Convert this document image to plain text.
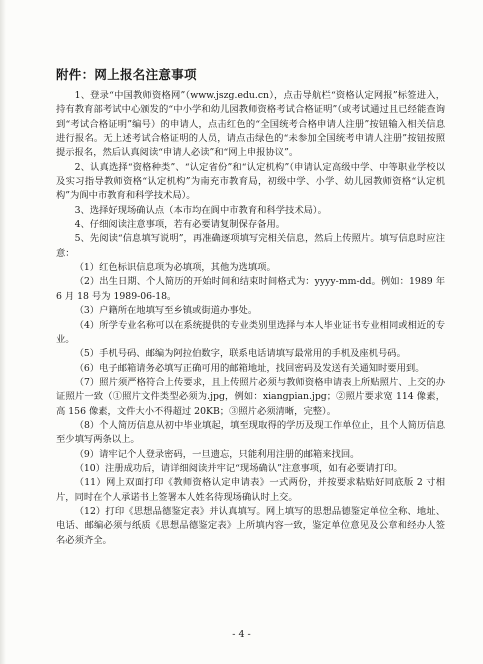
附件：网上报名注意事项

1、登录“中国教师资格网”（www.jszg.edu.cn），点击导航栏“资格认定网报”标签进入，持有教育部考试中心颁发的“中小学和幼儿园教师资格考试合格证明”（或考试通过且已经能查询到“考试合格证明”编号）的申请人，点击红色的“全国统考合格申请人注册”按钮输入相关信息进行报名。无上述考试合格证明的人员，请点击绿色的“未参加全国统考申请人注册”按钮按照提示报名，然后认真阅读“申请人必读”和“网上申报协议”。

2、认真选择“资格种类”、“认定省份”和“认定机构”（申请认定高级中学、中等职业学校以及实习指导教师资格“认定机构”为南充市教育局，初级中学、小学、幼儿园教师资格“认定机构”为阆中市教育和科学技术局）。

3、选择好现场确认点（本市均在阆中市教育和科学技术局）。

4、仔细阅读注意事项，若有必要请复制保存备用。

5、先阅读“信息填写说明”，再准确逐项填写完相关信息，然后上传照片。填写信息时应注意：

（1）红色标识信息项为必填项，其他为选填项。

（2）出生日期、个人简历的开始时间和结束时间格式为：yyyy-mm-dd。例如：1989 年 6 月 18 号为 1989-06-18。

（3）户籍所在地填写至乡镇或街道办事处。

（4）所学专业名称可以在系统提供的专业类别里选择与本人毕业证书专业相同或相近的专业。

（5）手机号码、邮编为阿拉伯数字，联系电话请填写最常用的手机及座机号码。

（6）电子邮箱请务必填写正确可用的邮箱地址，找回密码及发送有关通知时要用到。

（7）照片须严格符合上传要求，且上传照片必须与教师资格申请表上所贴照片、上交的办证照片一致（①照片文件类型必须为.jpg，例如：xiangpian.jpg；②照片要求宽 114 像素，高 156 像素，文件大小不得超过 20KB；③照片必须清晰，完整）。

（8）个人简历信息从初中毕业填起，填至现取得的学历及现工作单位止，且个人简历信息至少填写两条以上。

（9）请牢记个人登录密码，一旦遗忘，只能利用注册的邮箱来找回。

（10）注册成功后，请详细阅读并牢记“现场确认”注意事项，如有必要请打印。

（11）网上双面打印《教师资格认定申请表》一式两份，并按要求粘贴好同底版 2 寸相片，同时在个人承诺书上签署本人姓名待现场确认时上交。

（12）打印《思想品德鉴定表》并认真填写。网上填写的思想品德鉴定单位全称、地址、电话、邮编必须与纸质《思想品德鉴定表》上所填内容一致，鉴定单位意见及公章和经办人签名必须齐全。

- 4 -
